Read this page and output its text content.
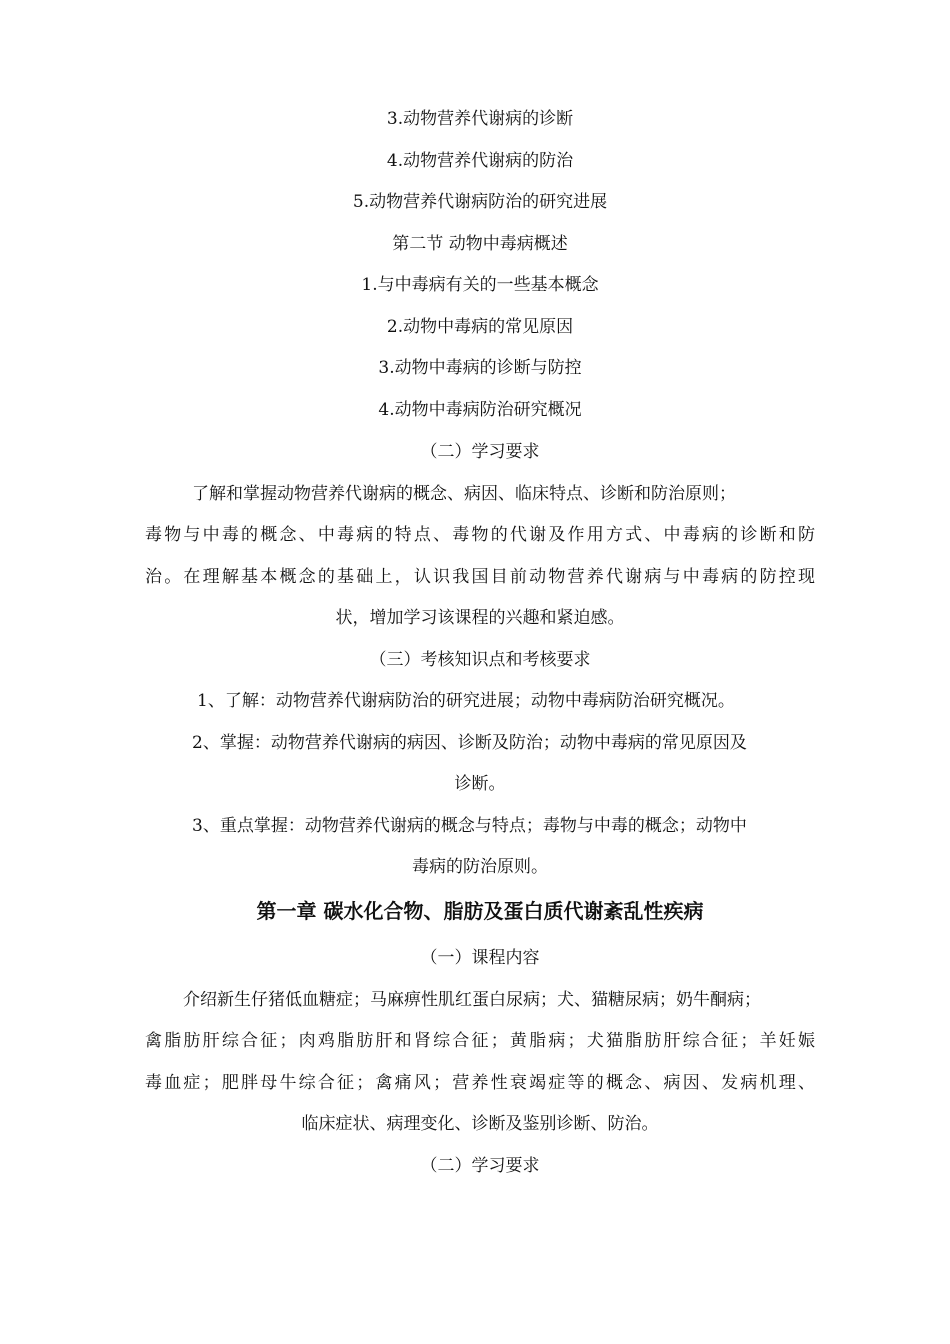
3.动物营养代谢病的诊断
4.动物营养代谢病的防治
5.动物营养代谢病防治的研究进展
第二节 动物中毒病概述
1.与中毒病有关的一些基本概念
2.动物中毒病的常见原因
3.动物中毒病的诊断与防控
4.动物中毒病防治研究概况
（二）学习要求
了解和掌握动物营养代谢病的概念、病因、临床特点、诊断和防治原则；
毒物与中毒的概念、中毒病的特点、毒物的代谢及作用方式、中毒病的诊断和防
治。在理解基本概念的基础上，认识我国目前动物营养代谢病与中毒病的防控现
状，增加学习该课程的兴趣和紧迫感。
（三）考核知识点和考核要求
1、了解：动物营养代谢病防治的研究进展；动物中毒病防治研究概况。
2、掌握：动物营养代谢病的病因、诊断及防治；动物中毒病的常见原因及
诊断。
3、重点掌握：动物营养代谢病的概念与特点；毒物与中毒的概念；动物中
毒病的防治原则。
第一章 碳水化合物、脂肪及蛋白质代谢紊乱性疾病
（一）课程内容
介绍新生仔猪低血糖症；马麻痹性肌红蛋白尿病；犬、猫糖尿病；奶牛酮病；
禽脂肪肝综合征；肉鸡脂肪肝和肾综合征；黄脂病；犬猫脂肪肝综合征；羊妊娠
毒血症；肥胖母牛综合征；禽痛风；营养性衰竭症等的概念、病因、发病机理、
临床症状、病理变化、诊断及鉴别诊断、防治。
（二）学习要求
